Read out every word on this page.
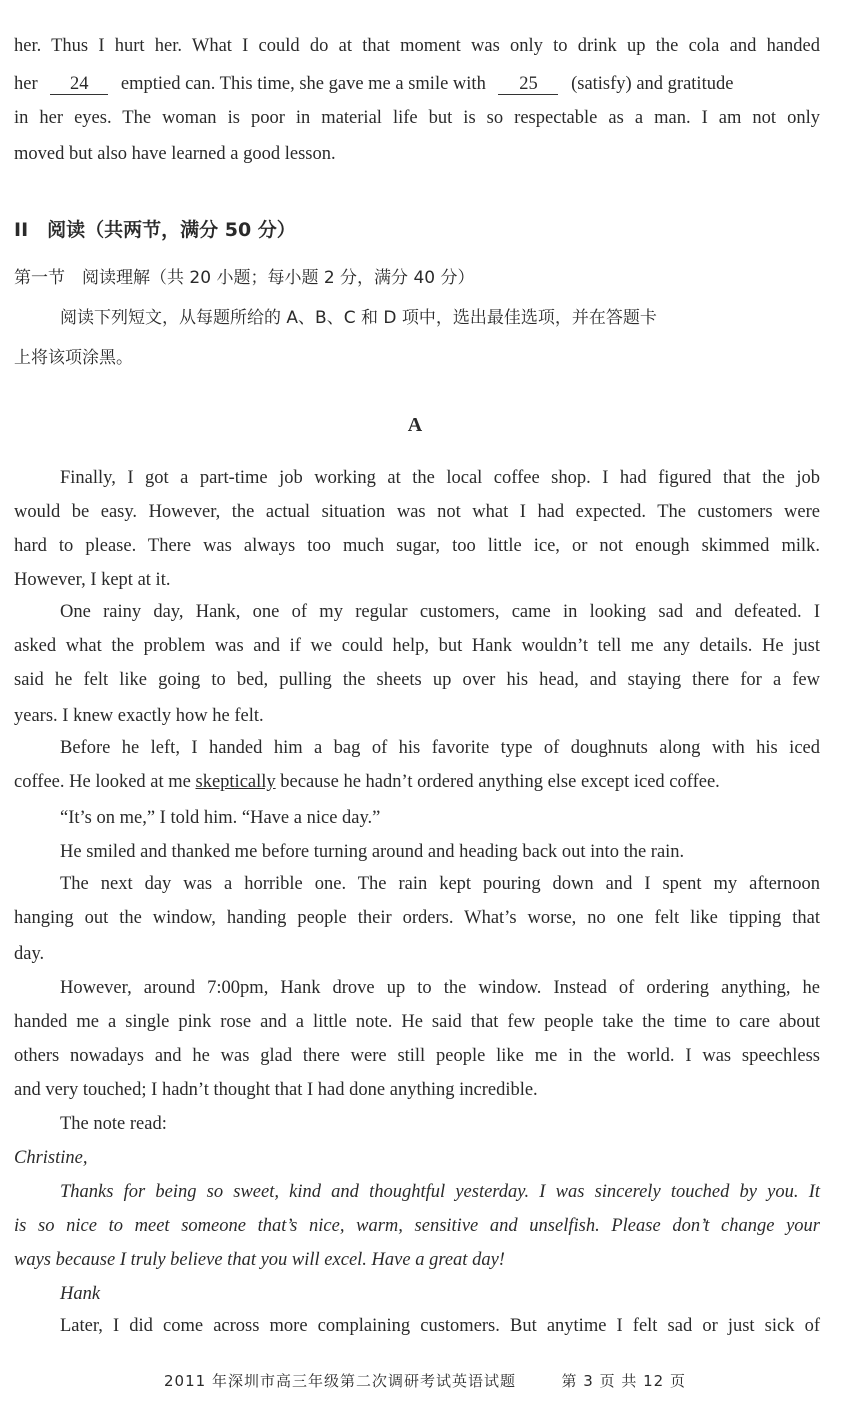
her. Thus I hurt her. What I could do at that moment was only to drink up the cola and handed
her 24 emptied can. This time, she gave me a smile with 25 (satisfy) and gratitude
in her eyes. The woman is poor in material life but is so respectable as a man. I am not only
moved but also have learned a good lesson.
II　阅读（共两节，满分 50 分）
第一节　阅读理解（共 20 小题；每小题 2 分，满分 40 分）
阅读下列短文，从每题所给的 A、B、C 和 D 项中，选出最佳选项，并在答题卡
上将该项涂黑。
A
Finally, I got a part-time job working at the local coffee shop. I had figured that the job
would be easy. However, the actual situation was not what I had expected. The customers were
hard to please. There was always too much sugar, too little ice, or not enough skimmed milk.
However, I kept at it.
One rainy day, Hank, one of my regular customers, came in looking sad and defeated. I
asked what the problem was and if we could help, but Hank wouldn’t tell me any details. He just
said he felt like going to bed, pulling the sheets up over his head, and staying there for a few
years. I knew exactly how he felt.
Before he left, I handed him a bag of his favorite type of doughnuts along with his iced
coffee. He looked at me skeptically because he hadn’t ordered anything else except iced coffee.
“It’s on me,” I told him. “Have a nice day.”
He smiled and thanked me before turning around and heading back out into the rain.
The next day was a horrible one. The rain kept pouring down and I spent my afternoon
hanging out the window, handing people their orders. What’s worse, no one felt like tipping that
day.
However, around 7:00pm, Hank drove up to the window. Instead of ordering anything, he
handed me a single pink rose and a little note. He said that few people take the time to care about
others nowadays and he was glad there were still people like me in the world. I was speechless
and very touched; I hadn’t thought that I had done anything incredible.
The note read:
Christine,
Thanks for being so sweet, kind and thoughtful yesterday. I was sincerely touched by you. It
is so nice to meet someone that’s nice, warm, sensitive and unselfish. Please don’t change your
ways because I truly believe that you will excel. Have a great day!
Hank
Later, I did come across more complaining customers. But anytime I felt sad or just sick of
2011 年深圳市高三年级第二次调研考试英语试题	第 3 页 共 12 页
